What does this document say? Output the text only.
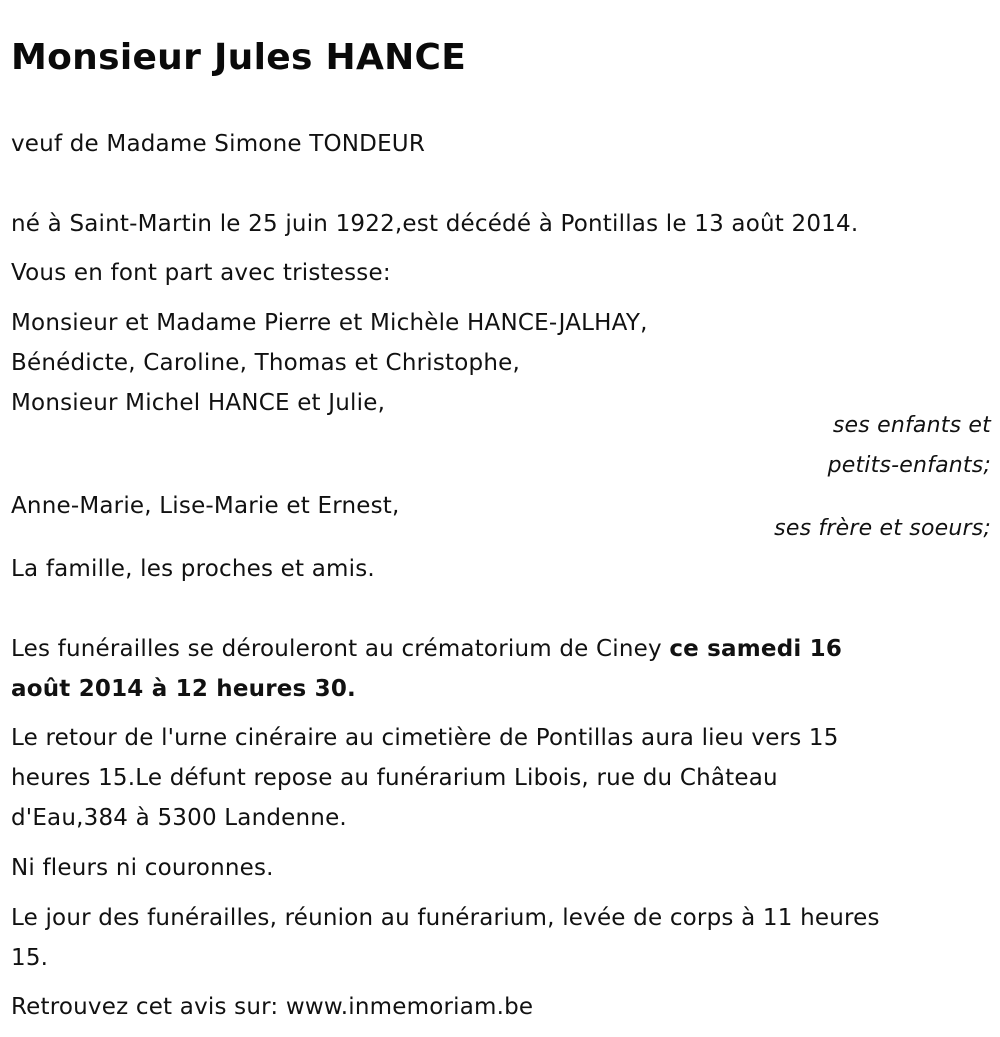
Monsieur Jules HANCE
veuf de Madame Simone TONDEUR
né à Saint-Martin le 25 juin 1922,est décédé à Pontillas le 13 août 2014.
Vous en font part avec tristesse:
Monsieur et Madame Pierre et Michèle HANCE-JALHAY,
Bénédicte, Caroline, Thomas et Christophe,
Monsieur Michel HANCE et Julie,
ses enfants et
petits-enfants;
Anne-Marie, Lise-Marie et Ernest,
ses frère et soeurs;
La famille, les proches et amis.
Les funérailles se dérouleront au crématorium de Ciney ce samedi 16
août 2014 à 12 heures 30.
Le retour de l'urne cinéraire au cimetière de Pontillas aura lieu vers 15
heures 15.Le défunt repose au funérarium Libois, rue du Château
d'Eau,384 à 5300 Landenne.
Ni fleurs ni couronnes.
Le jour des funérailles, réunion au funérarium, levée de corps à 11 heures
15.
Retrouvez cet avis sur: www.inmemoriam.be
